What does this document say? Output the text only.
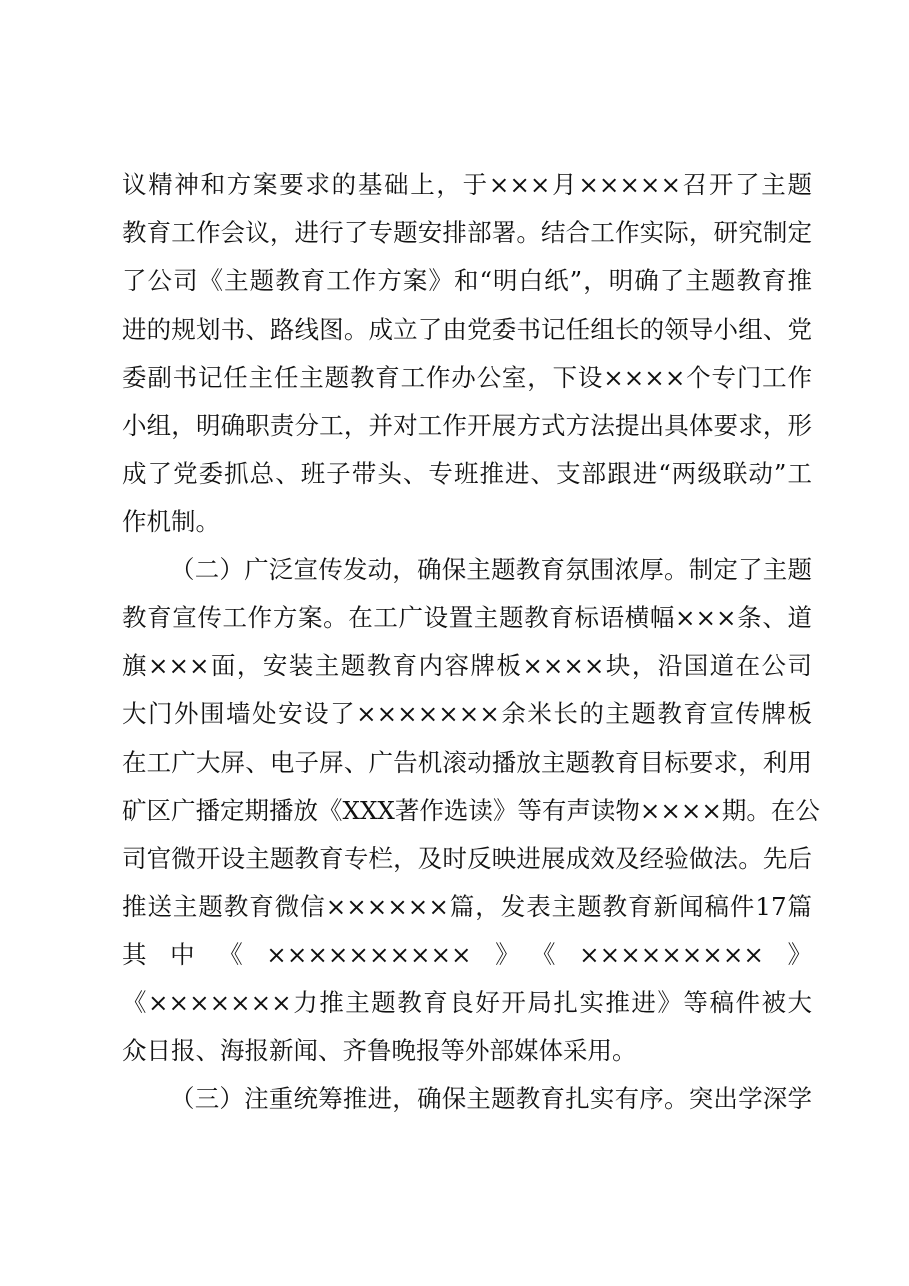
议精神和方案要求的基础上，于×××月×××××召开了主题
教育工作会议，进行了专题安排部署。结合工作实际，研究制定
了公司《主题教育工作方案》和“明白纸”，明确了主题教育推
进的规划书、路线图。成立了由党委书记任组长的领导小组、党
委副书记任主任主题教育工作办公室，下设××××个专门工作
小组，明确职责分工，并对工作开展方式方法提出具体要求，形
成了党委抓总、班子带头、专班推进、支部跟进“两级联动”工
作机制。
（二）广泛宣传发动，确保主题教育氛围浓厚。制定了主题
教育宣传工作方案。在工广设置主题教育标语横幅×××条、道
旗×××面，安装主题教育内容牌板××××块，沿国道在公司
大门外围墙处安设了×××××××余米长的主题教育宣传牌板
在工广大屏、电子屏、广告机滚动播放主题教育目标要求，利用
矿区广播定期播放《XXX著作选读》等有声读物××××期。在公
司官微开设主题教育专栏，及时反映进展成效及经验做法。先后
推送主题教育微信××××××篇，发表主题教育新闻稿件17篇
其中《××××××××××》《×××××××××》
《×××××××力推主题教育良好开局扎实推进》等稿件被大
众日报、海报新闻、齐鲁晚报等外部媒体采用。
（三）注重统筹推进，确保主题教育扎实有序。突出学深学
